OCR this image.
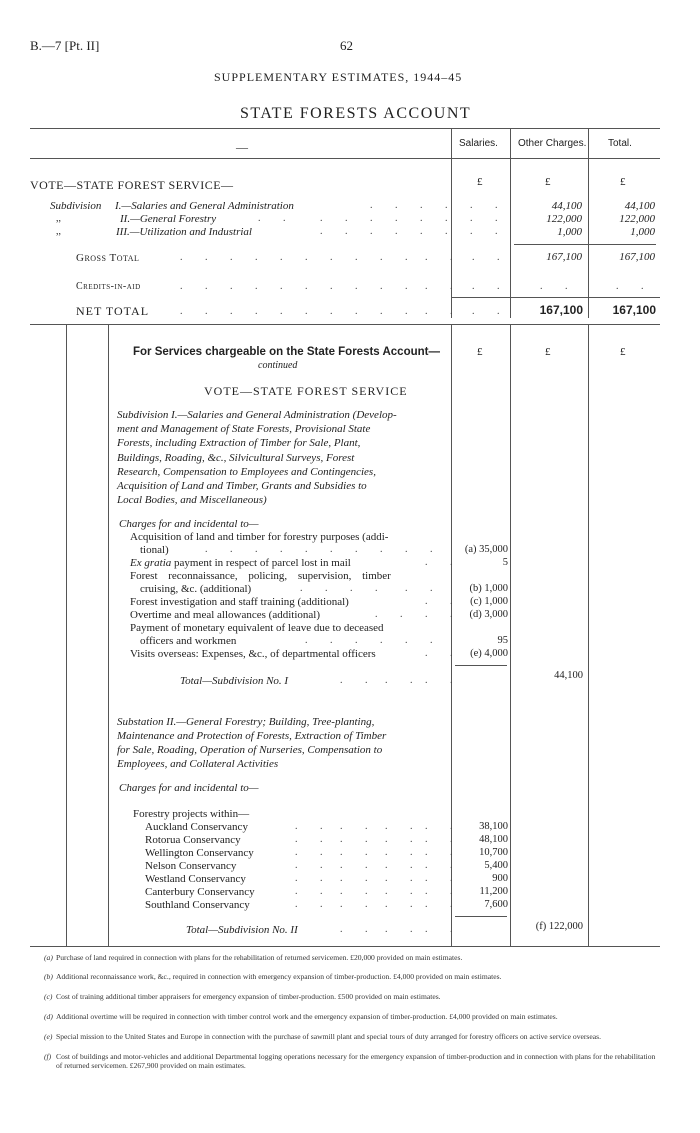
B.—7 [Pt. II]	62
SUPPLEMENTARY ESTIMATES, 1944–45
STATE FORESTS ACCOUNT
—	Salaries. Other Charges. Total.
VOTE—STATE FOREST SERVICE—	£	£	£
Subdivision I.—Salaries and General Administration	. . . . . .	44,100	44,100
,,	II.—General Forestry	. . . . . . . . . .	122,000	122,000
,,	III.—Utilization and Industrial	. . . . . . . .	1,000	1,000
Gross Total	. . . . . . . . . . . . . .	167,100	167,100
Credits-in-aid	. . . . . . . . . . . . . .	. .	. .
NET TOTAL	. . . . . . . . . . . . . .	167,100	167,100
For Services chargeable on the State Forests Account—
continued
£	£	£
VOTE—STATE FOREST SERVICE
Subdivision I.—Salaries and General Administration (Develop-
ment and Management of State Forests, Provisional State
Forests, including Extraction of Timber for Sale, Plant,
Buildings, Roading, &c., Silvicultural Surveys, Forest
Research, Compensation to Employees and Contingencies,
Acquisition of Land and Timber, Grants and Subsidies to
Local Bodies, and Miscellaneous)
Charges for and incidental to—
Acquisition of land and timber for forestry purposes (addi-
tional)	. . . . . . . . . .	(a) 35,000
Ex gratia payment in respect of parcel lost in mail	. .	5
Forest reconnaissance, policing, supervision, timber
cruising, &c. (additional)	. . . . . .	(b) 1,000
Forest investigation and staff training (additional)	. . (c) 1,000
Overtime and meal allowances (additional)	. . . . (d) 3,000
Payment of monetary equivalent of leave due to deceased
officers and workmen	. . . . . .	95
Visits overseas: Expenses, &c., of departmental officers	. . (e) 4,000
Total—Subdivision No. I	. . . . . .	44,100
Substation II.—General Forestry; Building, Tree-planting,
Maintenance and Protection of Forests, Extraction of Timber
for Sale, Roading, Operation of Nurseries, Compensation to
Employees, and Collateral Activities
Charges for and incidental to—
Forestry projects within—
Auckland Conservancy	. . . . . . . .	38,100
Rotorua Conservancy	. . . . . . . .	48,100
Wellington Conservancy	. . . . . . . .	10,700
Nelson Conservancy	. . . . . . . .	5,400
Westland Conservancy	. . . . . . . .	900
Canterbury Conservancy	. . . . . . . .	11,200
Southland Conservancy	. . . . . . . .	7,600
Total—Subdivision No. II	. . . . . .	(f) 122,000
(a) Purchase of land required in connection with plans for the rehabilitation of returned servicemen. £20,000 provided on main estimates.
(b) Additional reconnaissance work, &c., required in connection with emergency expansion of timber-production. £4,000 provided on main estimates.
(c) Cost of training additional timber appraisers for emergency expansion of timber-production. £500 provided on main estimates.
(d) Additional overtime will be required in connection with timber control work and the emergency expansion of timber-production. £4,000 provided on main estimates.
(e) Special mission to the United States and Europe in connection with the purchase of sawmill plant and special tours of duty arranged for forestry officers on active service overseas.
(f) Cost of buildings and motor-vehicles and additional Departmental logging operations necessary for the emergency expansion of timber-production and in connection with plans for the rehabilitation of returned servicemen. £267,900 provided on main estimates.
